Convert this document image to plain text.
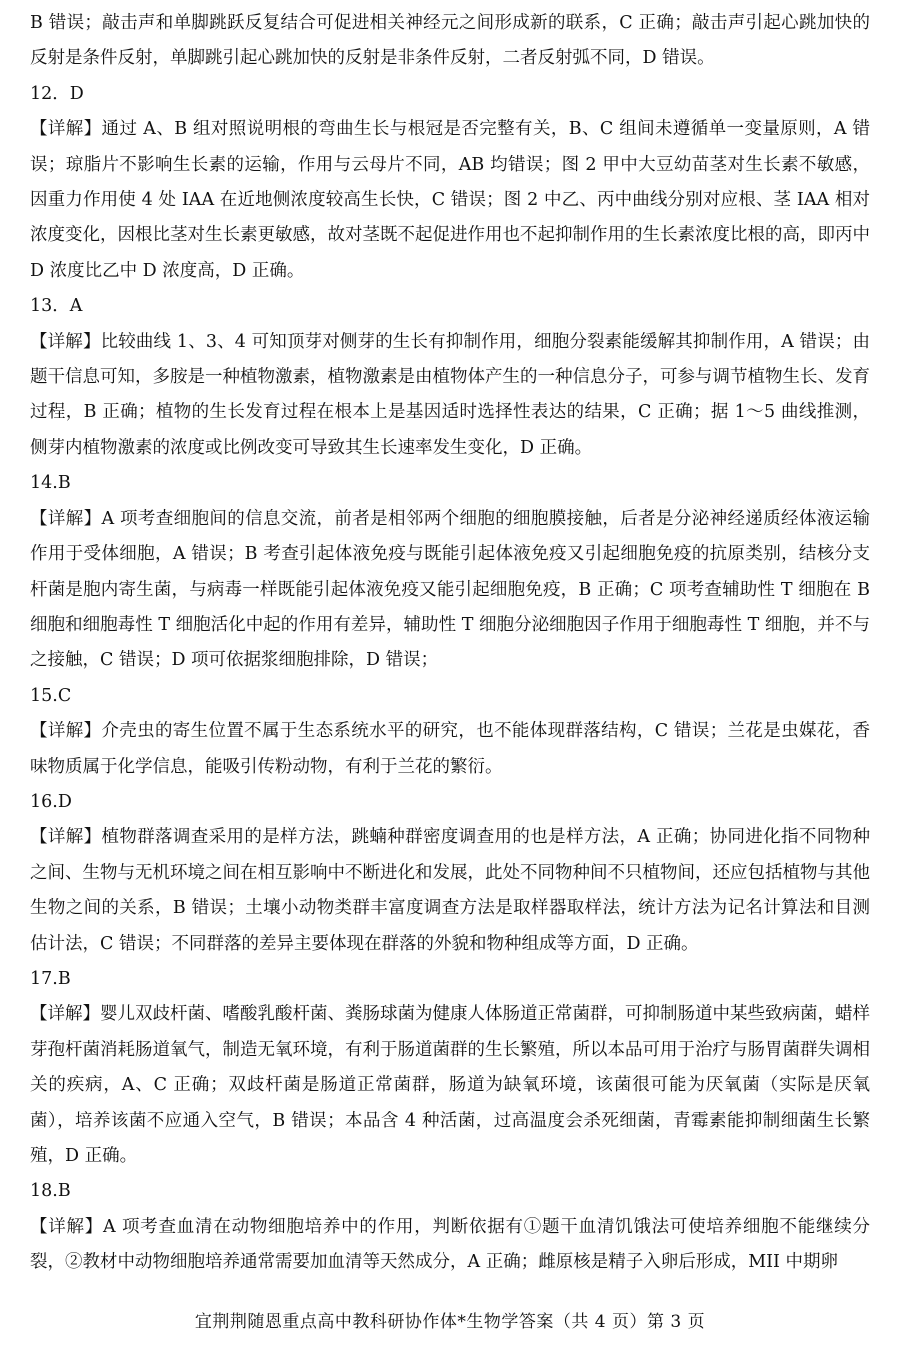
B 错误；敲击声和单脚跳跃反复结合可促进相关神经元之间形成新的联系，C 正确；敲击声引起心跳加快的反射是条件反射，单脚跳引起心跳加快的反射是非条件反射，二者反射弧不同，D 错误。

12．D

【详解】通过 A、B 组对照说明根的弯曲生长与根冠是否完整有关，B、C 组间未遵循单一变量原则，A 错误；琼脂片不影响生长素的运输，作用与云母片不同，AB 均错误；图 2 甲中大豆幼苗茎对生长素不敏感，因重力作用使 4 处 IAA 在近地侧浓度较高生长快，C 错误；图 2 中乙、丙中曲线分别对应根、茎 IAA 相对浓度变化，因根比茎对生长素更敏感，故对茎既不起促进作用也不起抑制作用的生长素浓度比根的高，即丙中 D 浓度比乙中 D 浓度高，D 正确。

13．A

【详解】比较曲线 1、3、4 可知顶芽对侧芽的生长有抑制作用，细胞分裂素能缓解其抑制作用，A 错误；由题干信息可知，多胺是一种植物激素，植物激素是由植物体产生的一种信息分子，可参与调节植物生长、发育过程，B 正确；植物的生长发育过程在根本上是基因适时选择性表达的结果，C 正确；据 1～5 曲线推测，侧芽内植物激素的浓度或比例改变可导致其生长速率发生变化，D 正确。

14.B

【详解】A 项考查细胞间的信息交流，前者是相邻两个细胞的细胞膜接触，后者是分泌神经递质经体液运输作用于受体细胞，A 错误；B 考查引起体液免疫与既能引起体液免疫又引起细胞免疫的抗原类别，结核分支杆菌是胞内寄生菌，与病毒一样既能引起体液免疫又能引起细胞免疫，B 正确；C 项考查辅助性 T 细胞在 B 细胞和细胞毒性 T 细胞活化中起的作用有差异，辅助性 T 细胞分泌细胞因子作用于细胞毒性 T 细胞，并不与之接触，C 错误；D 项可依据浆细胞排除，D 错误；

15.C

【详解】介壳虫的寄生位置不属于生态系统水平的研究，也不能体现群落结构，C 错误；兰花是虫媒花，香味物质属于化学信息，能吸引传粉动物，有利于兰花的繁衍。

16.D

【详解】植物群落调查采用的是样方法，跳蝻种群密度调查用的也是样方法，A 正确；协同进化指不同物种之间、生物与无机环境之间在相互影响中不断进化和发展，此处不同物种间不只植物间，还应包括植物与其他生物之间的关系，B 错误；土壤小动物类群丰富度调查方法是取样器取样法，统计方法为记名计算法和目测估计法，C 错误；不同群落的差异主要体现在群落的外貌和物种组成等方面，D 正确。

17.B

【详解】婴儿双歧杆菌、嗜酸乳酸杆菌、粪肠球菌为健康人体肠道正常菌群，可抑制肠道中某些致病菌，蜡样芽孢杆菌消耗肠道氧气，制造无氧环境，有利于肠道菌群的生长繁殖，所以本品可用于治疗与肠胃菌群失调相关的疾病，A、C 正确；双歧杆菌是肠道正常菌群，肠道为缺氧环境，该菌很可能为厌氧菌（实际是厌氧菌），培养该菌不应通入空气，B 错误；本品含 4 种活菌，过高温度会杀死细菌，青霉素能抑制细菌生长繁殖，D 正确。

18.B

【详解】A 项考查血清在动物细胞培养中的作用，判断依据有①题干血清饥饿法可使培养细胞不能继续分裂，②教材中动物细胞培养通常需要加血清等天然成分，A 正确；雌原核是精子入卵后形成，MII 中期卵

宜荆荆随恩重点高中教科研协作体*生物学答案（共 4 页）第 3 页
